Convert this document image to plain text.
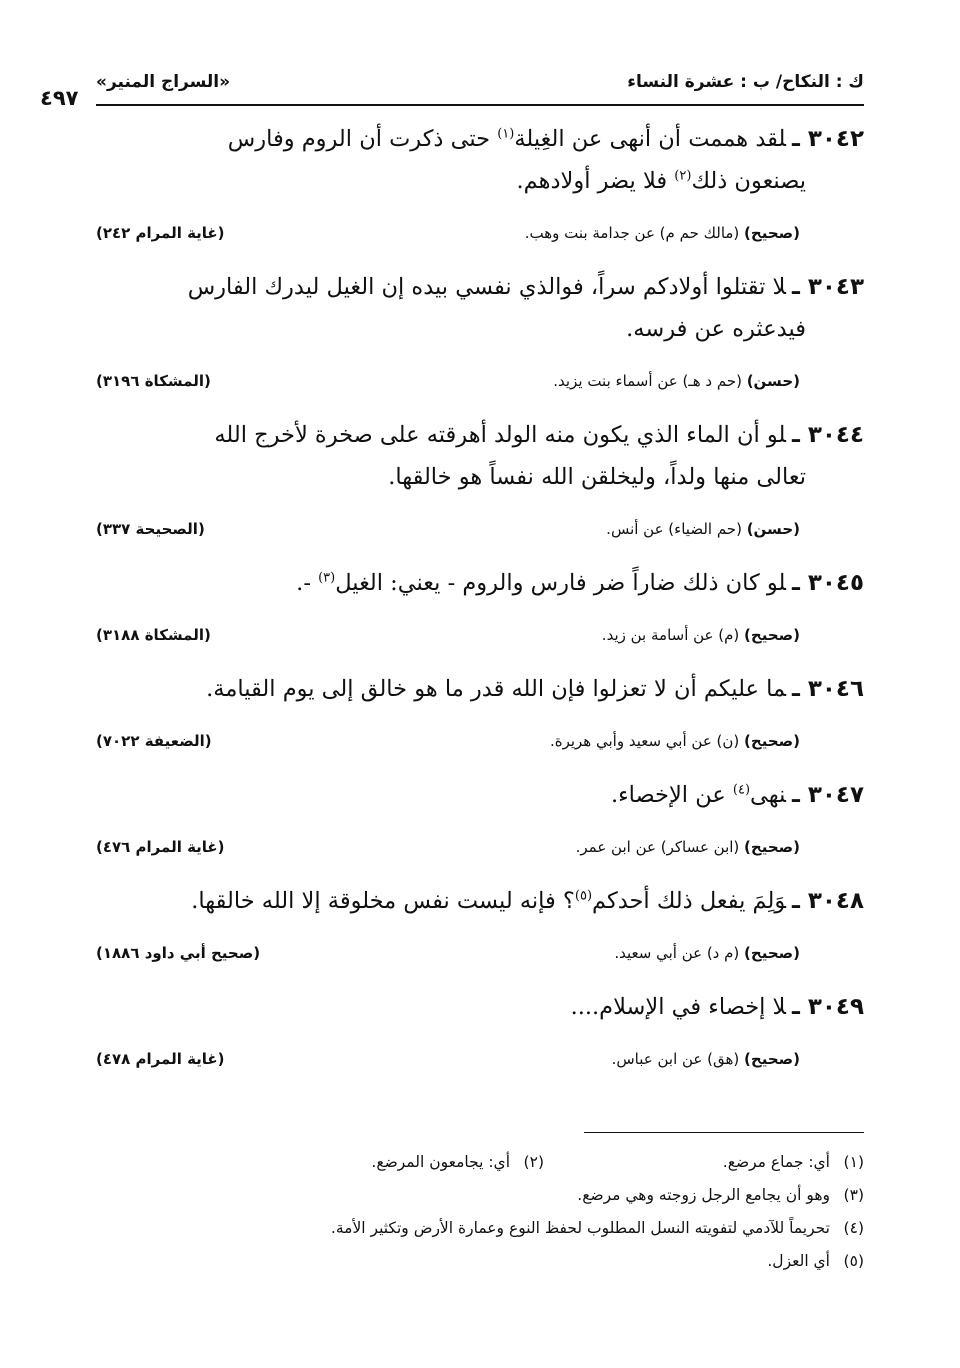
ك : النكاح/ ب : عشرة النساء
«السراج المنير»
٤٩٧
٣٠٤٢ ـلقد هممت أن أنهى عن الغِيلة$^{(١)}$ حتى ذكرت أن الروم وفارس
يصنعون ذلك$^{(٢)}$ فلا يضر أولادهم.
(صحيح) (مالك حم م) عن جدامة بنت وهب.
(غاية المرام ٢٤٢)
٣٠٤٣ ـلا تقتلوا أولادكم سراً، فوالذي نفسي بيده إن الغيل ليدرك الفارس
فيدعثره عن فرسه.
(حسن) (حم د هـ) عن أسماء بنت يزيد.
(المشكاة ٣١٩٦)
٣٠٤٤ ـلو أن الماء الذي يكون منه الولد أهرقته على صخرة لأخرج الله
تعالى منها ولداً، وليخلقن الله نفساً هو خالقها.
(حسن) (حم الضياء) عن أنس.
(الصحيحة ٣٣٧)
٣٠٤٥ ـلو كان ذلك ضاراً ضر فارس والروم - يعني: الغيل$^{(٣)}$ -.
(صحيح) (م) عن أسامة بن زيد.
(المشكاة ٣١٨٨)
٣٠٤٦ ـما عليكم أن لا تعزلوا فإن الله قدر ما هو خالق إلى يوم القيامة.
(صحيح) (ن) عن أبي سعيد وأبي هريرة.
(الضعيفة ٧٠٢٢)
٣٠٤٧ ـنهى$^{(٤)}$ عن الإخصاء.
(صحيح) (ابن عساكر) عن ابن عمر.
(غاية المرام ٤٧٦)
٣٠٤٨ ـوَلِمَ يفعل ذلك أحدكم$^{(٥)}$؟ فإنه ليست نفس مخلوقة إلا الله خالقها.
(صحيح) (م د) عن أبي سعيد.
(صحيح أبي داود ١٨٨٦)
٣٠٤٩ ـلا إخصاء في الإسلام....
(صحيح) (هق) عن ابن عباس.
(غاية المرام ٤٧٨)
(١)أي: جماع مرضع.
(٢)أي: يجامعون المرضع.
(٣)وهو أن يجامع الرجل زوجته وهي مرضع.
(٤)تحريماً للآدمي لتفويته النسل المطلوب لحفظ النوع وعمارة الأرض وتكثير الأمة.
(٥)أي العزل.
